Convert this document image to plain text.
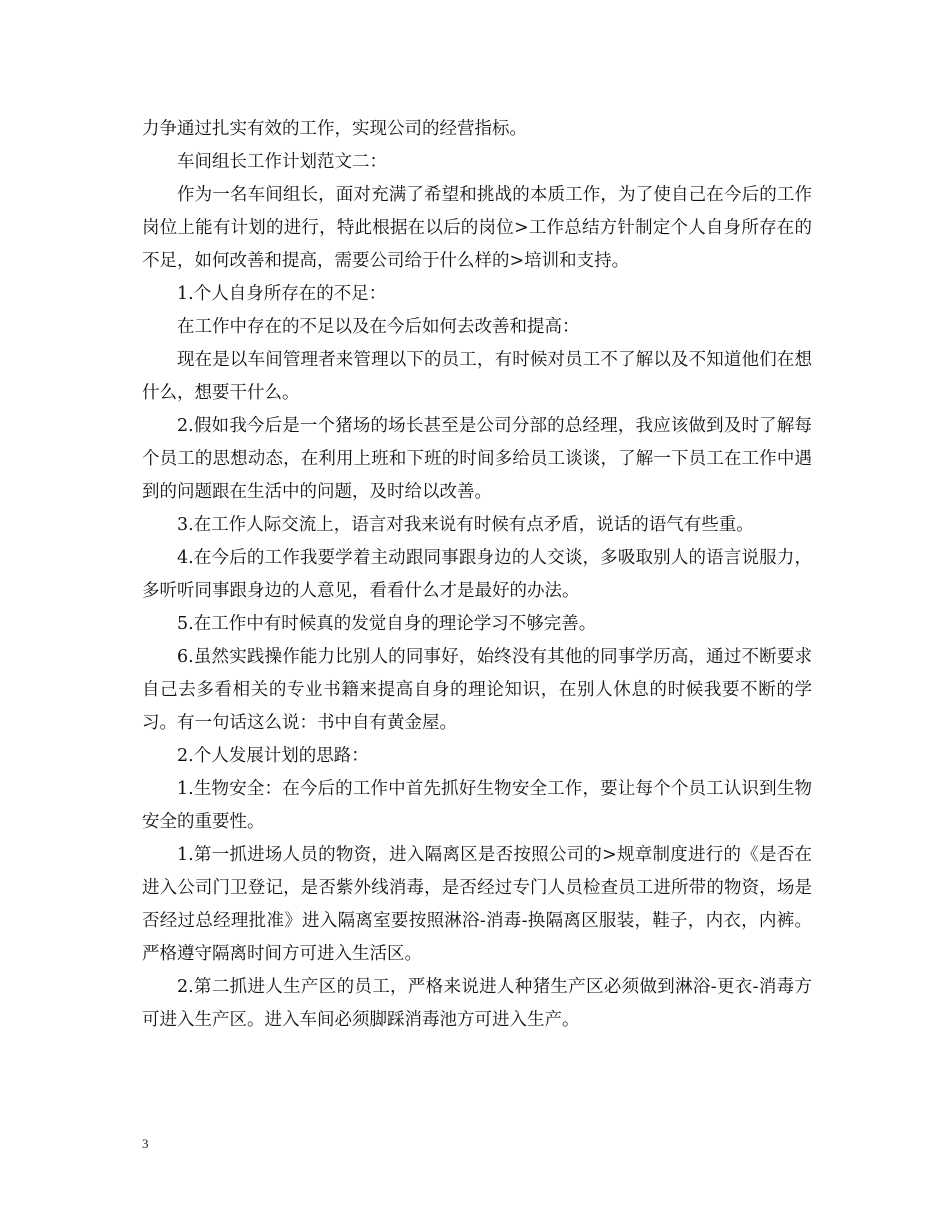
力争通过扎实有效的工作，实现公司的经营指标。

车间组长工作计划范文二：

作为一名车间组长，面对充满了希望和挑战的本质工作，为了使自己在今后的工作岗位上能有计划的进行，特此根据在以后的岗位>工作总结方针制定个人自身所存在的不足，如何改善和提高，需要公司给于什么样的>培训和支持。

1.个人自身所存在的不足：

在工作中存在的不足以及在今后如何去改善和提高：

现在是以车间管理者来管理以下的员工，有时候对员工不了解以及不知道他们在想什么，想要干什么。

2.假如我今后是一个猪场的场长甚至是公司分部的总经理，我应该做到及时了解每个员工的思想动态，在利用上班和下班的时间多给员工谈谈，了解一下员工在工作中遇到的问题跟在生活中的问题，及时给以改善。

3.在工作人际交流上，语言对我来说有时候有点矛盾，说话的语气有些重。

4.在今后的工作我要学着主动跟同事跟身边的人交谈，多吸取别人的语言说服力，多听听同事跟身边的人意见，看看什么才是最好的办法。

5.在工作中有时候真的发觉自身的理论学习不够完善。

6.虽然实践操作能力比别人的同事好，始终没有其他的同事学历高，通过不断要求自己去多看相关的专业书籍来提高自身的理论知识，在别人休息的时候我要不断的学习。有一句话这么说：书中自有黄金屋。

2.个人发展计划的思路：

1.生物安全：在今后的工作中首先抓好生物安全工作，要让每个个员工认识到生物安全的重要性。

1.第一抓进场人员的物资，进入隔离区是否按照公司的>规章制度进行的《是否在进入公司门卫登记，是否紫外线消毒，是否经过专门人员检查员工进所带的物资，场是否经过总经理批准》进入隔离室要按照淋浴-消毒-换隔离区服装，鞋子，内衣，内裤。严格遵守隔离时间方可进入生活区。

2.第二抓进人生产区的员工，严格来说进人种猪生产区必须做到淋浴-更衣-消毒方可进入生产区。进入车间必须脚踩消毒池方可进入生产。

3
